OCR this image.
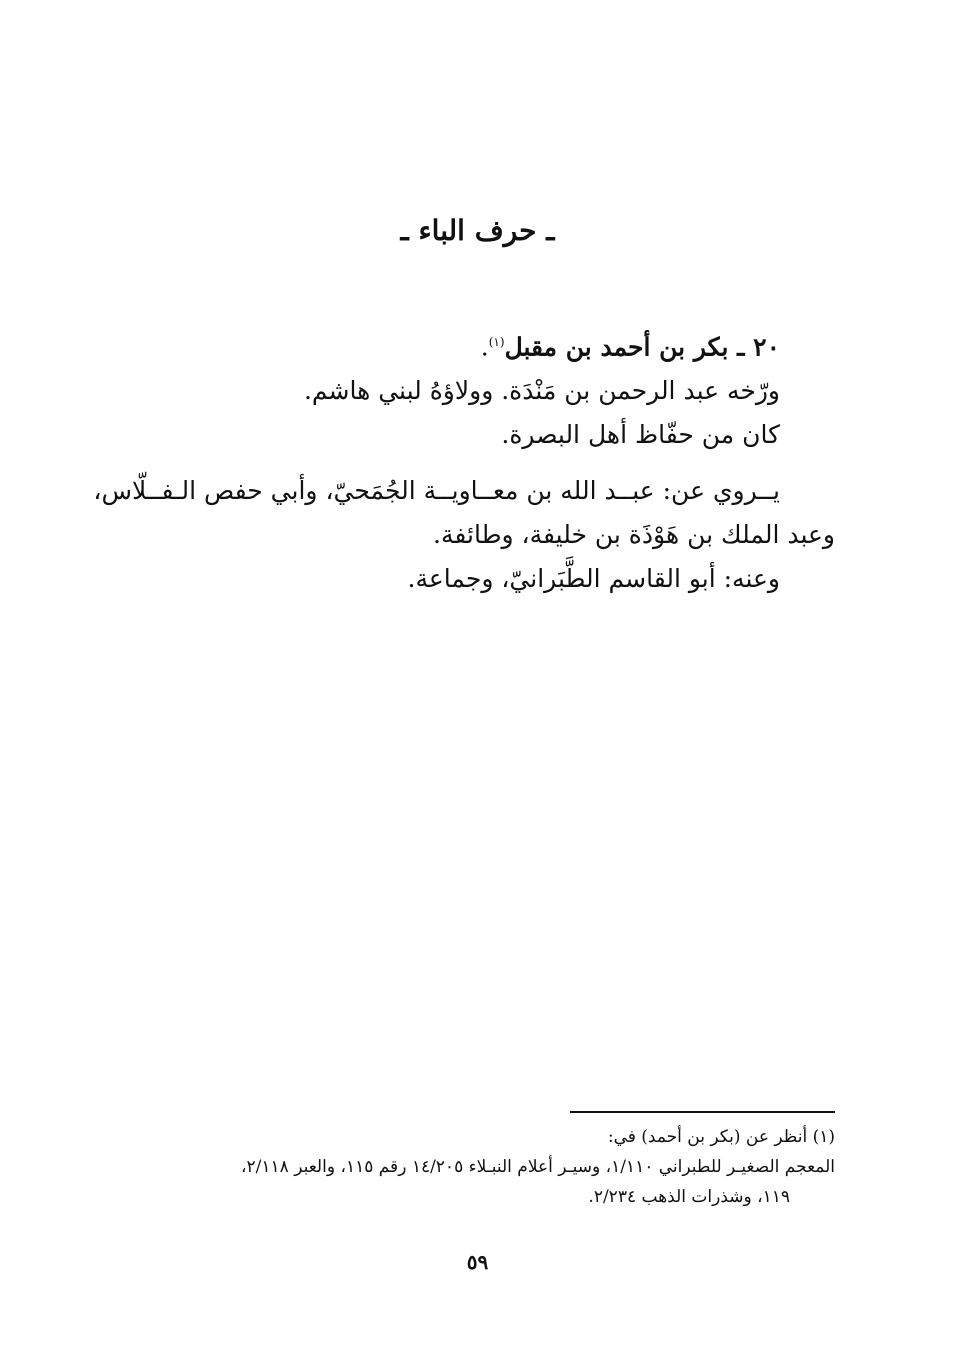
ـ حرف الباء ـ
٢٠ ـ بكر بن أحمد بن مقبل$^{(١)}$.
ورّخه عبد الرحمن بن مَنْدَة. وولاؤهُ لبني هاشم.
كان من حفّاظ أهل البصرة.
يــروي عن: عبــد الله بن معــاويــة الجُمَحيّ، وأبي حفص الـفــلّاس،
وعبد الملك بن هَوْذَة بن خليفة، وطائفة.
وعنه: أبو القاسم الطَّبَرانيّ، وجماعة.
(١) أنظر عن (بكر بن أحمد) في:
المعجم الصغيـر للطبراني ١/١١٠، وسيـر أعلام النبـلاء ١٤/٢٠٥ رقم ١١٥، والعبر ٢/١١٨،
١١٩، وشذرات الذهب ٢/٢٣٤.
٥٩
